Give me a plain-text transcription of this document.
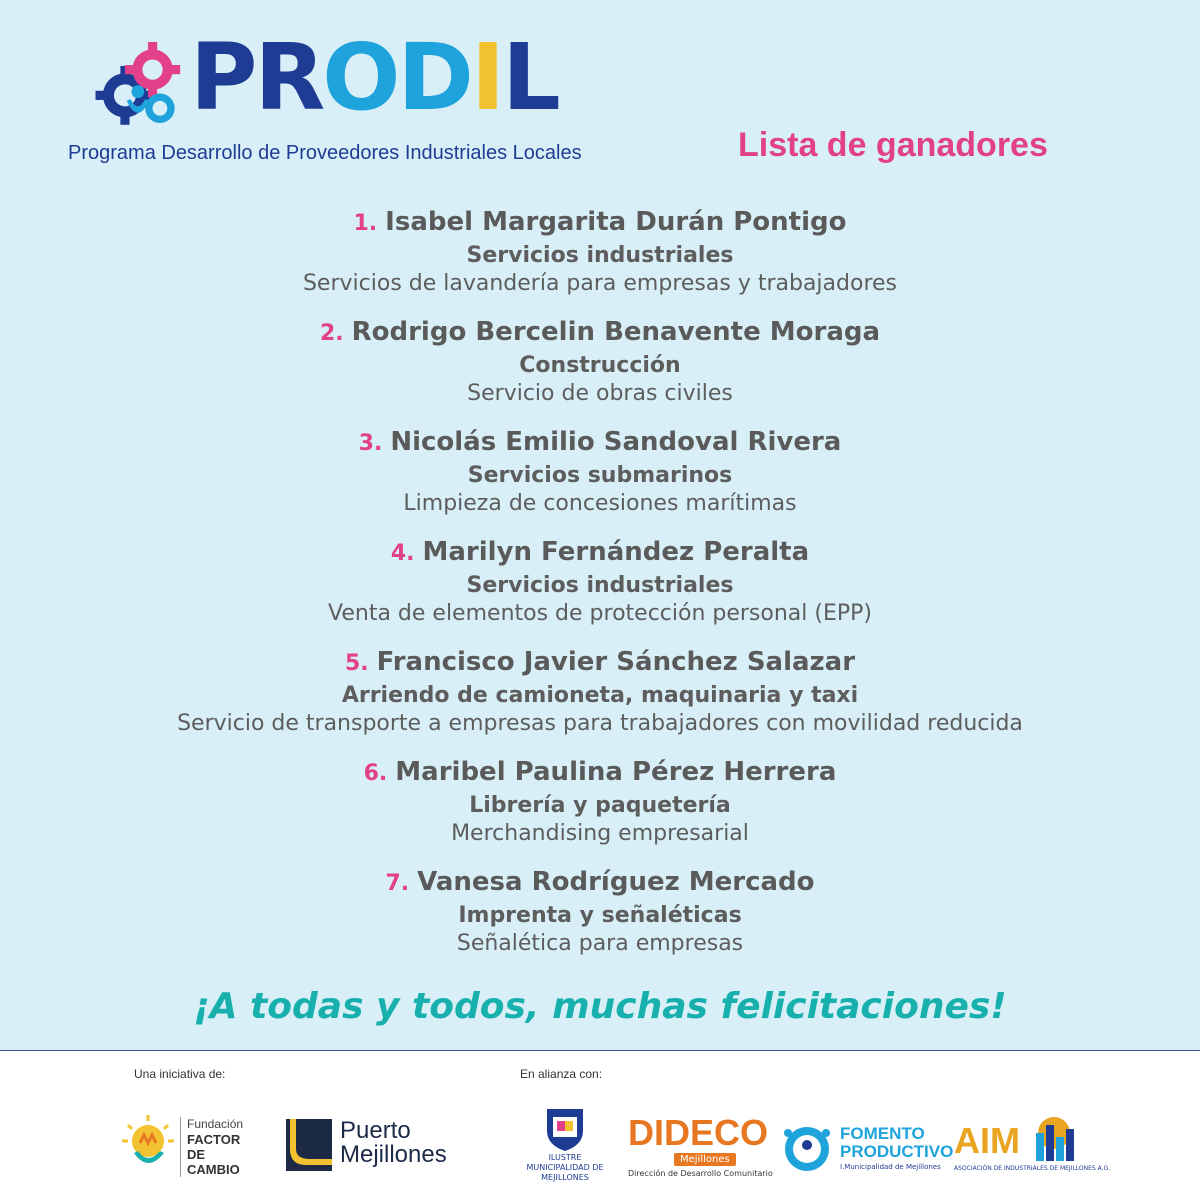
PRODIL
Programa Desarrollo de Proveedores Industriales Locales	Lista de ganadores
1. Isabel Margarita Durán Pontigo
Servicios industriales
Servicios de lavandería para empresas y trabajadores
2. Rodrigo Bercelin Benavente Moraga
Construcción
Servicio de obras civiles
3. Nicolás Emilio Sandoval Rivera
Servicios submarinos
Limpieza de concesiones marítimas
4. Marilyn Fernández Peralta
Servicios industriales
Venta de elementos de protección personal (EPP)
5. Francisco Javier Sánchez Salazar
Arriendo de camioneta, maquinaria y taxi
Servicio de transporte a empresas para trabajadores con movilidad reducida
6. Maribel Paulina Pérez Herrera
Librería y paquetería
Merchandising empresarial
7. Vanesa Rodríguez Mercado
Imprenta y señaléticas
Señalética para empresas
¡A todas y todos, muchas felicitaciones!
Una iniciativa de:	En alianza con:
Fundación
FACTOR
DE
CAMBIO
Puerto
Mejillones	ILUSTRE MUNICIPALIDAD DE MEJILLONES
DIDECO
Mejillones
Dirección de Desarrollo Comunitario
FOMENTO
PRODUCTIVO
I.Municipalidad de Mejillones
AIM
ASOCIACIÓN DE INDUSTRIALES DE MEJILLONES A.G.
